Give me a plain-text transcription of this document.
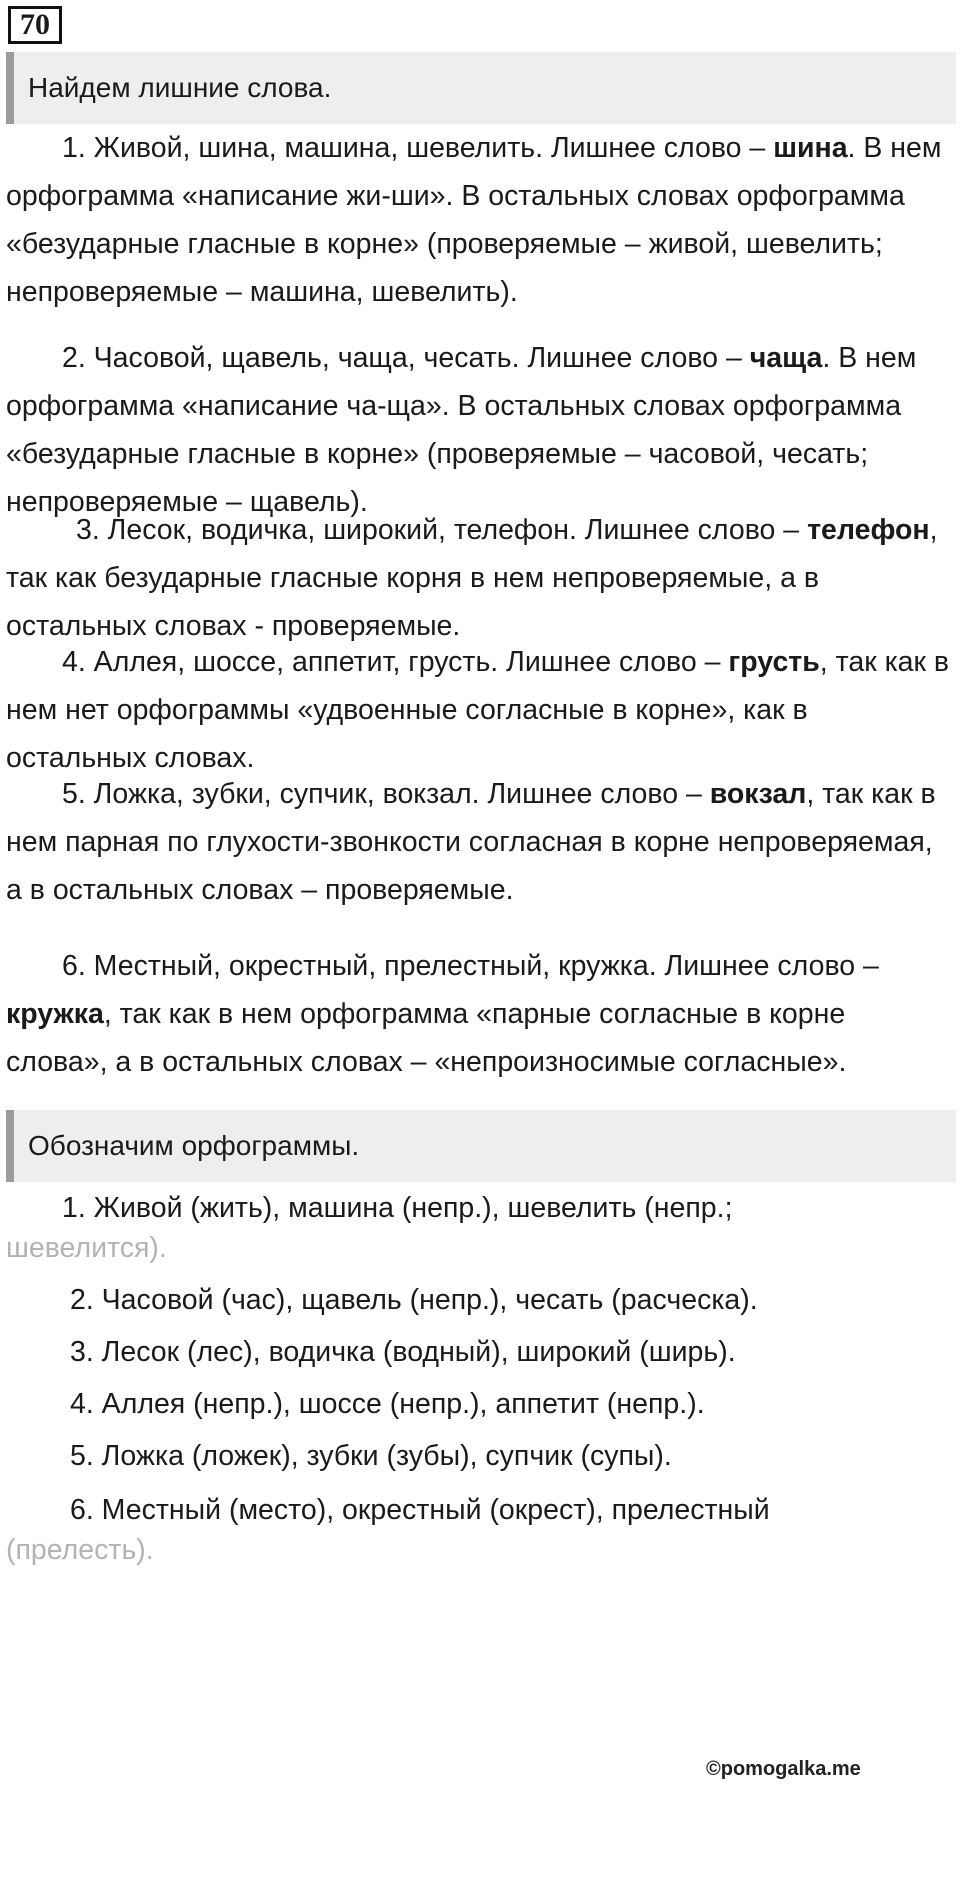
70
Найдем лишние слова.
1. Живой, шина, машина, шевелить. Лишнее слово – шина. В нем орфограмма «написание жи-ши». В остальных словах орфограмма «безударные гласные в корне» (проверяемые – живой, шевелить; непроверяемые – машина, шевелить).
2. Часовой, щавель, чаща, чесать. Лишнее слово – чаща. В нем орфограмма «написание ча-ща». В остальных словах орфограмма «безударные гласные в корне» (проверяемые – часовой, чесать; непроверяемые – щавель).
3. Лесок, водичка, широкий, телефон. Лишнее слово – телефон, так как безударные гласные корня в нем непроверяемые, а в остальных словах - проверяемые.
4. Аллея, шоссе, аппетит, грусть. Лишнее слово – грусть, так как в нем нет орфограммы «удвоенные согласные в корне», как в остальных словах.
5. Ложка, зубки, супчик, вокзал. Лишнее слово – вокзал, так как в нем парная по глухости-звонкости согласная в корне непроверяемая, а в остальных словах – проверяемые.
6. Местный, окрестный, прелестный, кружка. Лишнее слово – кружка, так как в нем орфограмма «парные согласные в корне слова», а в остальных словах – «непроизносимые согласные».
Обозначим орфограммы.
1. Живой (жить), машина (непр.), шевелить (непр.;
шевелится).
2. Часовой (час), щавель (непр.), чесать (расческа).
3. Лесок (лес), водичка (водный), широкий (ширь).
4. Аллея (непр.), шоссе (непр.), аппетит (непр.).
5. Ложка (ложек), зубки (зубы), супчик (супы).
6. Местный (место), окрестный (окрест), прелестный
(прелесть).
©pomogalka.me
